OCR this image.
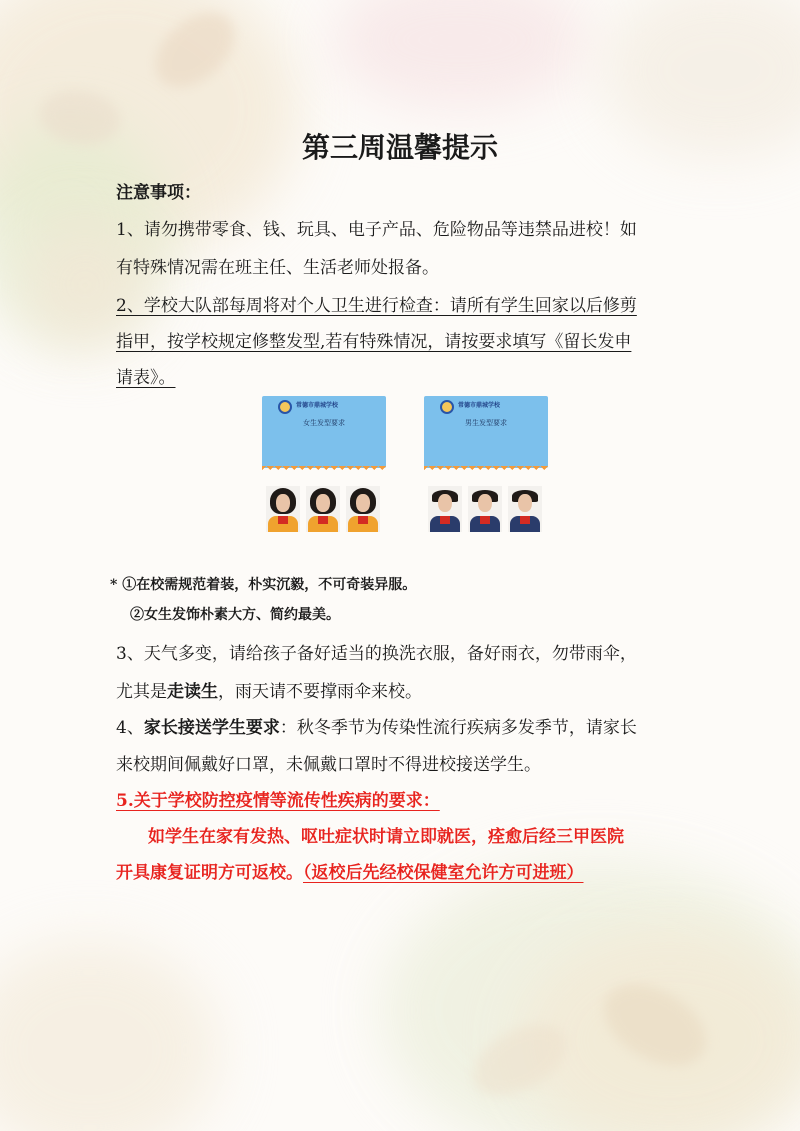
第三周温馨提示
注意事项：
1、请勿携带零食、钱、玩具、电子产品、危险物品等违禁品进校！如
有特殊情况需在班主任、生活老师处报备。
2、学校大队部每周将对个人卫生进行检查：请所有学生回家以后修剪
指甲，按学校规定修整发型,若有特殊情况，请按要求填写《留长发申
请表》。
常德市鼎城学校
女生发型要求
常德市鼎城学校
男生发型要求
* ①在校需规范着装，朴实沉毅，不可奇装异服。
②女生发饰朴素大方、简约最美。
3、天气多变，请给孩子备好适当的换洗衣服，备好雨衣，勿带雨伞，
尤其是走读生，雨天请不要撑雨伞来校。
4、家长接送学生要求：秋冬季节为传染性流行疾病多发季节，请家长
来校期间佩戴好口罩，未佩戴口罩时不得进校接送学生。
5.关于学校防控疫情等流传性疾病的要求：
如学生在家有发热、呕吐症状时请立即就医，痊愈后经三甲医院
开具康复证明方可返校。（返校后先经校保健室允许方可进班）
